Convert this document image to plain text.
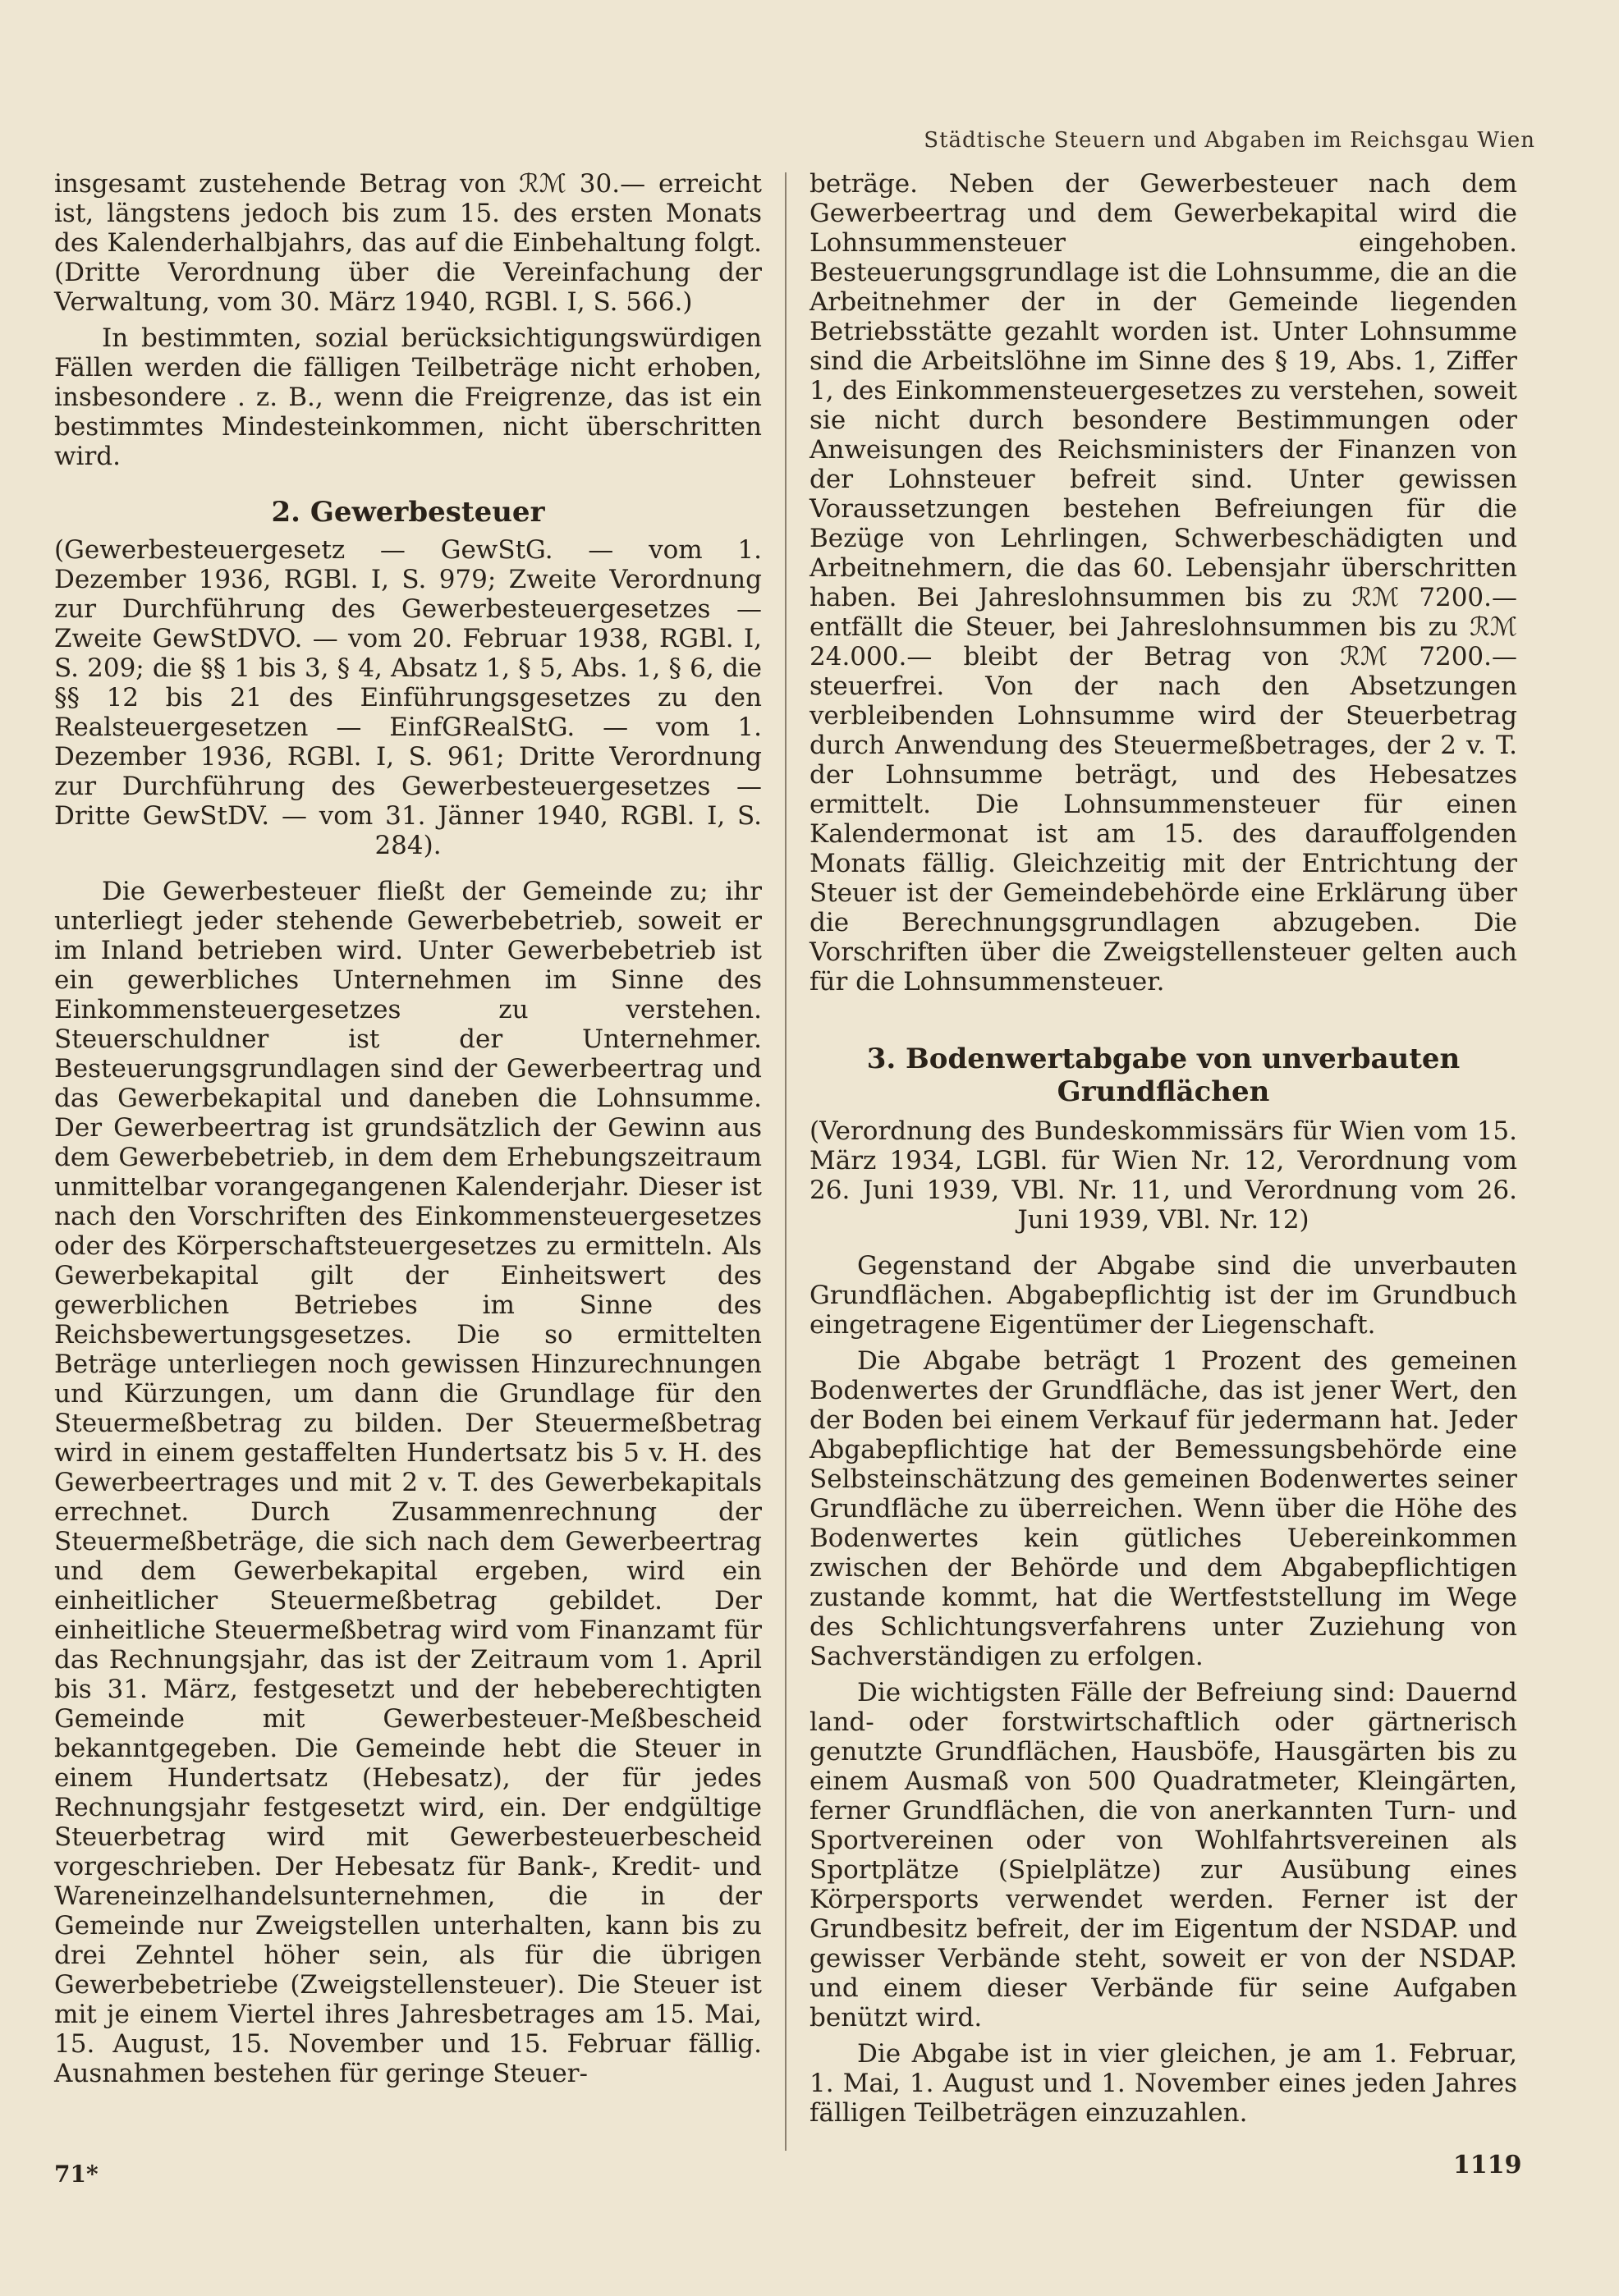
Städtische Steuern und Abgaben im Reichsgau Wien

insgesamt zustehende Betrag von ℛℳ 30.— erreicht ist, längstens jedoch bis zum 15. des ersten Monats des Kalenderhalbjahrs, das auf die Einbehaltung folgt. (Dritte Verordnung über die Vereinfachung der Verwaltung, vom 30. März 1940, RGBl. I, S. 566.)

In bestimmten, sozial berücksichtigungswürdigen Fällen werden die fälligen Teilbeträge nicht erhoben, insbesondere . z. B., wenn die Freigrenze, das ist ein bestimmtes Mindesteinkommen, nicht überschritten wird.

2. Gewerbesteuer

(Gewerbesteuergesetz — GewStG. — vom 1. Dezember 1936, RGBl. I, S. 979; Zweite Verordnung zur Durchführung des Gewerbesteuergesetzes — Zweite GewStDVO. — vom 20. Februar 1938, RGBl. I, S. 209; die §§ 1 bis 3, § 4, Absatz 1, § 5, Abs. 1, § 6, die §§ 12 bis 21 des Einführungsgesetzes zu den Realsteuergesetzen — EinfGRealStG. — vom 1. Dezember 1936, RGBl. I, S. 961; Dritte Verordnung zur Durchführung des Gewerbesteuergesetzes — Dritte GewStDV. — vom 31. Jänner 1940, RGBl. I, S. 284).

Die Gewerbesteuer fließt der Gemeinde zu; ihr unterliegt jeder stehende Gewerbebetrieb, soweit er im Inland betrieben wird. Unter Gewerbebetrieb ist ein gewerbliches Unternehmen im Sinne des Einkommensteuergesetzes zu verstehen. Steuerschuldner ist der Unternehmer. Besteuerungsgrundlagen sind der Gewerbeertrag und das Gewerbekapital und daneben die Lohnsumme. Der Gewerbeertrag ist grundsätzlich der Gewinn aus dem Gewerbebetrieb, in dem dem Erhebungszeitraum unmittelbar vorangegangenen Kalenderjahr. Dieser ist nach den Vorschriften des Einkommensteuergesetzes oder des Körperschaftsteuergesetzes zu ermitteln. Als Gewerbekapital gilt der Einheitswert des gewerblichen Betriebes im Sinne des Reichsbewertungsgesetzes. Die so ermittelten Beträge unterliegen noch gewissen Hinzurechnungen und Kürzungen, um dann die Grundlage für den Steuermeßbetrag zu bilden. Der Steuermeßbetrag wird in einem gestaffelten Hundertsatz bis 5 v. H. des Gewerbeertrages und mit 2 v. T. des Gewerbekapitals errechnet. Durch Zusammenrechnung der Steuermeßbeträge, die sich nach dem Gewerbeertrag und dem Gewerbekapital ergeben, wird ein einheitlicher Steuermeßbetrag gebildet. Der einheitliche Steuermeßbetrag wird vom Finanzamt für das Rechnungsjahr, das ist der Zeitraum vom 1. April bis 31. März, festgesetzt und der hebeberechtigten Gemeinde mit Gewerbesteuer-Meßbescheid bekanntgegeben. Die Gemeinde hebt die Steuer in einem Hundertsatz (Hebesatz), der für jedes Rechnungsjahr festgesetzt wird, ein. Der endgültige Steuerbetrag wird mit Gewerbesteuerbescheid vorgeschrieben. Der Hebesatz für Bank-, Kredit- und Wareneinzelhandelsunternehmen, die in der Gemeinde nur Zweigstellen unterhalten, kann bis zu drei Zehntel höher sein, als für die übrigen Gewerbebetriebe (Zweigstellensteuer). Die Steuer ist mit je einem Viertel ihres Jahresbetrages am 15. Mai, 15. August, 15. November und 15. Februar fällig. Ausnahmen bestehen für geringe Steuer-

beträge. Neben der Gewerbesteuer nach dem Gewerbeertrag und dem Gewerbekapital wird die Lohnsummensteuer eingehoben. Besteuerungsgrundlage ist die Lohnsumme, die an die Arbeitnehmer der in der Gemeinde liegenden Betriebsstätte gezahlt worden ist. Unter Lohnsumme sind die Arbeitslöhne im Sinne des § 19, Abs. 1, Ziffer 1, des Einkommensteuergesetzes zu verstehen, soweit sie nicht durch besondere Bestimmungen oder Anweisungen des Reichsministers der Finanzen von der Lohnsteuer befreit sind. Unter gewissen Voraussetzungen bestehen Befreiungen für die Bezüge von Lehrlingen, Schwerbeschädigten und Arbeitnehmern, die das 60. Lebensjahr überschritten haben. Bei Jahreslohnsummen bis zu ℛℳ 7200.— entfällt die Steuer, bei Jahreslohnsummen bis zu ℛℳ 24.000.— bleibt der Betrag von ℛℳ 7200.— steuerfrei. Von der nach den Absetzungen verbleibenden Lohnsumme wird der Steuerbetrag durch Anwendung des Steuermeßbetrages, der 2 v. T. der Lohnsumme beträgt, und des Hebesatzes ermittelt. Die Lohnsummensteuer für einen Kalendermonat ist am 15. des darauffolgenden Monats fällig. Gleichzeitig mit der Entrichtung der Steuer ist der Gemeindebehörde eine Erklärung über die Berechnungsgrundlagen abzugeben. Die Vorschriften über die Zweigstellensteuer gelten auch für die Lohnsummensteuer.

3. Bodenwertabgabe von unverbauten Grundflächen

(Verordnung des Bundeskommissärs für Wien vom 15. März 1934, LGBl. für Wien Nr. 12, Verordnung vom 26. Juni 1939, VBl. Nr. 11, und Verordnung vom 26. Juni 1939, VBl. Nr. 12)

Gegenstand der Abgabe sind die unverbauten Grundflächen. Abgabepflichtig ist der im Grundbuch eingetragene Eigentümer der Liegenschaft.

Die Abgabe beträgt 1 Prozent des gemeinen Bodenwertes der Grundfläche, das ist jener Wert, den der Boden bei einem Verkauf für jedermann hat. Jeder Abgabepflichtige hat der Bemessungsbehörde eine Selbsteinschätzung des gemeinen Bodenwertes seiner Grundfläche zu überreichen. Wenn über die Höhe des Bodenwertes kein gütliches Uebereinkommen zwischen der Behörde und dem Abgabepflichtigen zustande kommt, hat die Wertfeststellung im Wege des Schlichtungsverfahrens unter Zuziehung von Sachverständigen zu erfolgen.

Die wichtigsten Fälle der Befreiung sind: Dauernd land- oder forstwirtschaftlich oder gärtnerisch genutzte Grundflächen, Hausböfe, Hausgärten bis zu einem Ausmaß von 500 Quadratmeter, Kleingärten, ferner Grundflächen, die von anerkannten Turn- und Sportvereinen oder von Wohlfahrtsvereinen als Sportplätze (Spielplätze) zur Ausübung eines Körpersports verwendet werden. Ferner ist der Grundbesitz befreit, der im Eigentum der NSDAP. und gewisser Verbände steht, soweit er von der NSDAP. und einem dieser Verbände für seine Aufgaben benützt wird.

Die Abgabe ist in vier gleichen, je am 1. Februar, 1. Mai, 1. August und 1. November eines jeden Jahres fälligen Teilbeträgen einzuzahlen.

71*	1119
